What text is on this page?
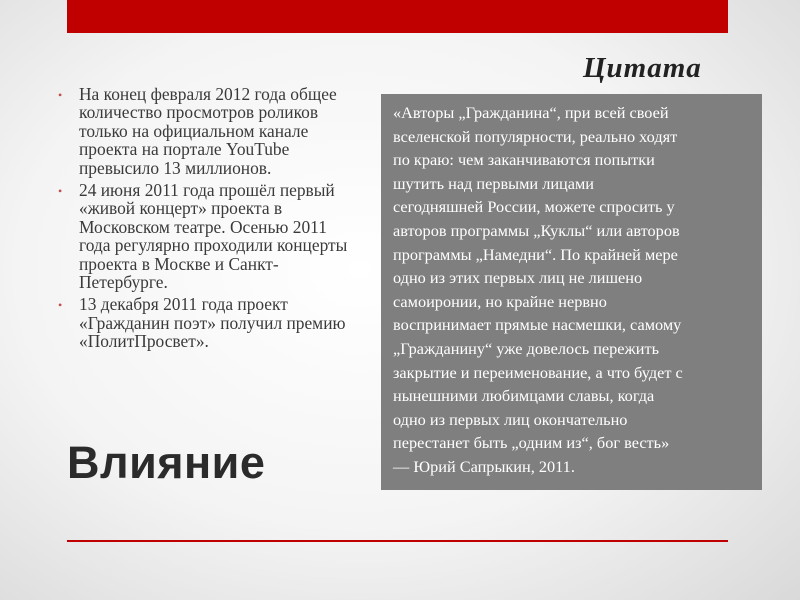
Цитата
• На конец февраля 2012 года общее количество просмотров роликов только на официальном канале проекта на портале YouTube превысило 13 миллионов.
• 24 июня 2011 года прошёл первый «живой концерт» проекта в Московском театре. Осенью 2011 года регулярно проходили концерты проекта в Москве и Санкт-Петербурге.
• 13 декабря 2011 года проект «Гражданин поэт» получил премию «ПолитПросвет».

«Авторы „Гражданина“, при всей своей
вселенской популярности, реально ходят
по краю: чем заканчиваются попытки
шутить над первыми лицами
сегодняшней России, можете спросить у
авторов программы „Куклы“ или авторов
программы „Намедни“. По крайней мере
одно из этих первых лиц не лишено
самоиронии, но крайне нервно
воспринимает прямые насмешки, самому
„Гражданину“ уже довелось пережить
закрытие и переименование, а что будет с
нынешними любимцами славы, когда
одно из первых лиц окончательно
перестанет быть „одним из“, бог весть»
— Юрий Сапрыкин, 2011.

Влияние
